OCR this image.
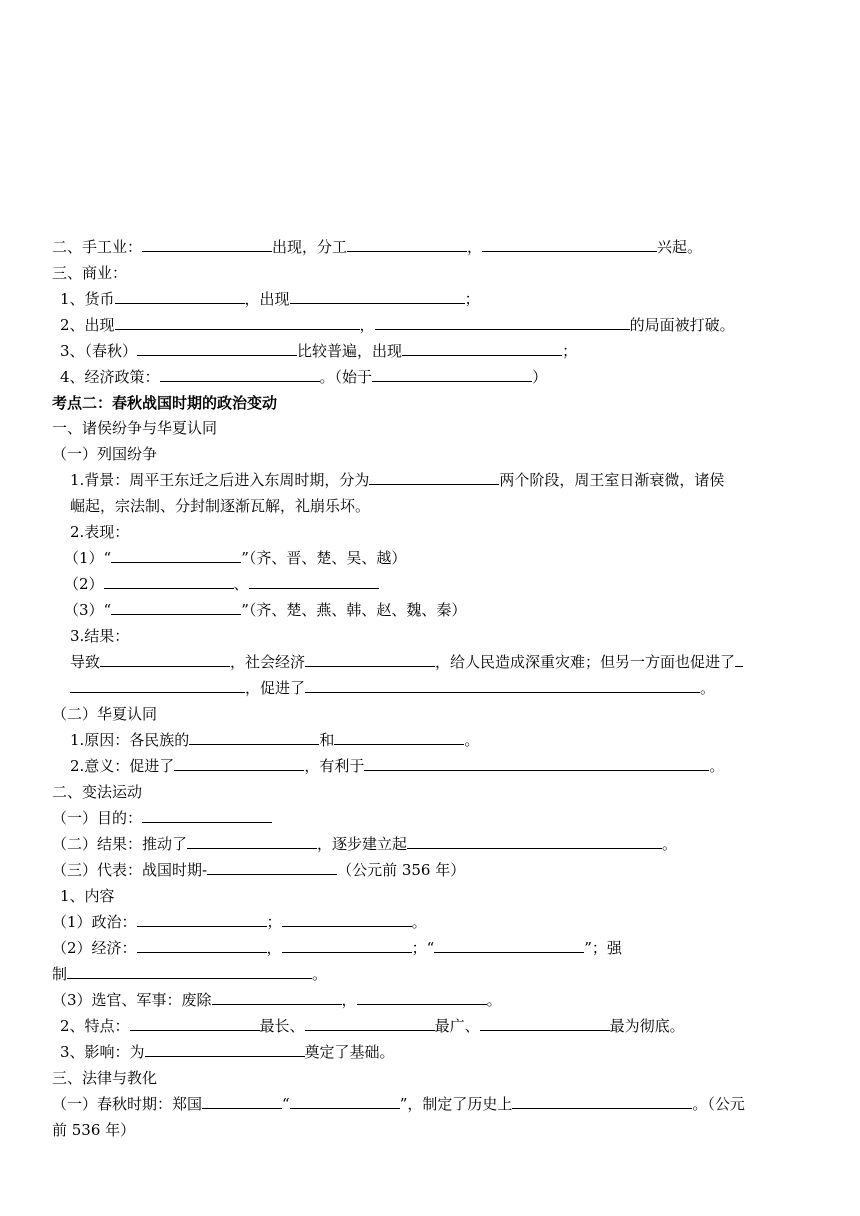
二、手工业：	出现，分工	，	兴起。
三、商业：
1、货币	，出现	；
2、出现	，	的局面被打破。
3、（春秋）	比较普遍，出现	；
4、经济政策：	。（始于	）
考点二：春秋战国时期的政治变动
一、诸侯纷争与华夏认同
（一）列国纷争
1.背景：周平王东迁之后进入东周时期，分为	两个阶段，周王室日渐衰微，诸侯
崛起，宗法制、分封制逐渐瓦解，礼崩乐坏。
2.表现：
（1）“	”（齐、晋、楚、吴、越）
（2）	、
（3）“	”（齐、楚、燕、韩、赵、魏、秦）
3.结果：
导致	，社会经济	，给人民造成深重灾难；但另一方面也促进了
，促进了	。
（二）华夏认同
1.原因：各民族的	和	。
2.意义：促进了	，有利于	。
二、变法运动
（一）目的：
（二）结果：推动了	，逐步建立起	。
（三）代表：战国时期-	（公元前 356 年）
1、内容
（1）政治：	；	。
（2）经济：	，	；“	”；强
制	。
（3）选官、军事：废除	，	。
2、特点：	最长、	最广、	最为彻底。
3、影响：为	奠定了基础。
三、法律与教化
（一）春秋时期：郑国	“	”，制定了历史上	。（公元
前 536 年）
